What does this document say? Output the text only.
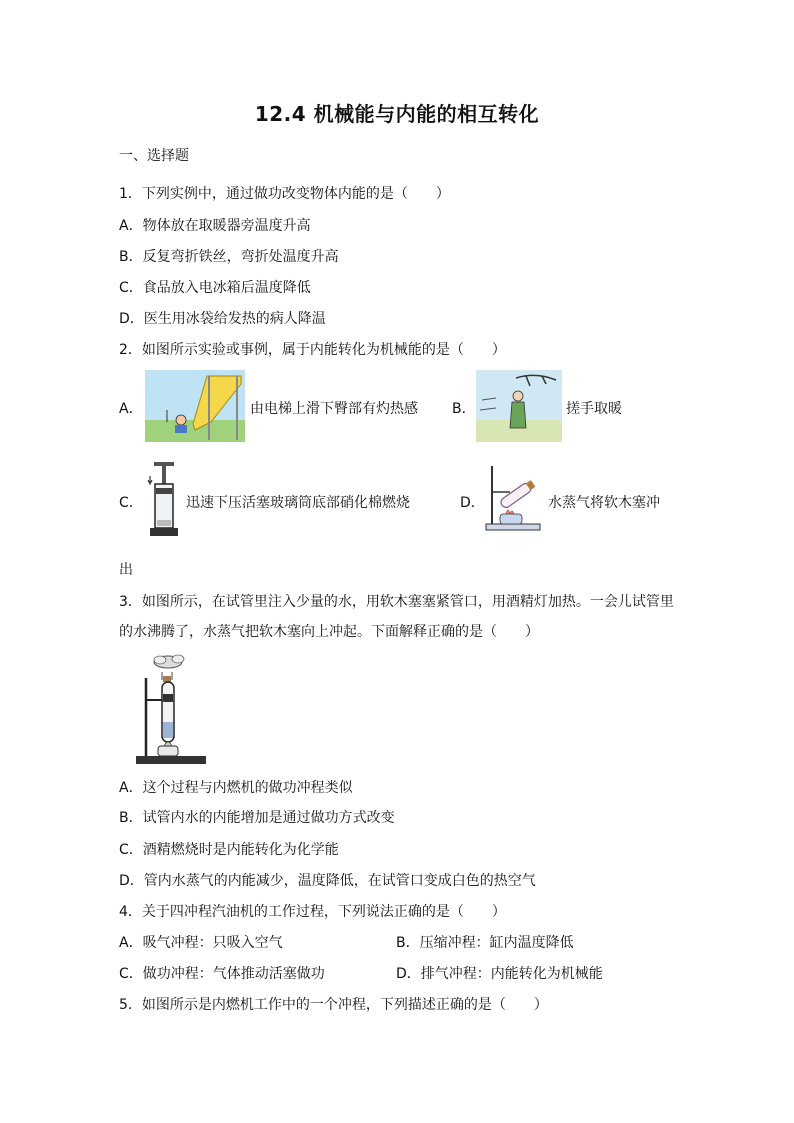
12.4 机械能与内能的相互转化
一、选择题
1．下列实例中，通过做功改变物体内能的是（　　）
A．物体放在取暖器旁温度升高
B．反复弯折铁丝，弯折处温度升高
C．食品放入电冰箱后温度降低
D．医生用冰袋给发热的病人降温
2．如图所示实验或事例，属于内能转化为机械能的是（　　）
A．	由电梯上滑下臀部有灼热感 B．	搓手取暖
C．	迅速下压活塞玻璃筒底部硝化棉燃烧	D．	水蒸气将软木塞冲
出
3．如图所示，在试管里注入少量的水，用软木塞塞紧管口，用酒精灯加热。一会儿试管里
的水沸腾了，水蒸气把软木塞向上冲起。下面解释正确的是（　　）
A．这个过程与内燃机的做功冲程类似
B．试管内水的内能增加是通过做功方式改变
C．酒精燃烧时是内能转化为化学能
D．管内水蒸气的内能减少，温度降低，在试管口变成白色的热空气
4．关于四冲程汽油机的工作过程，下列说法正确的是（　　）
A．吸气冲程：只吸入空气	B．压缩冲程：缸内温度降低
C．做功冲程：气体推动活塞做功	D．排气冲程：内能转化为机械能
5．如图所示是内燃机工作中的一个冲程，下列描述正确的是（　　）
